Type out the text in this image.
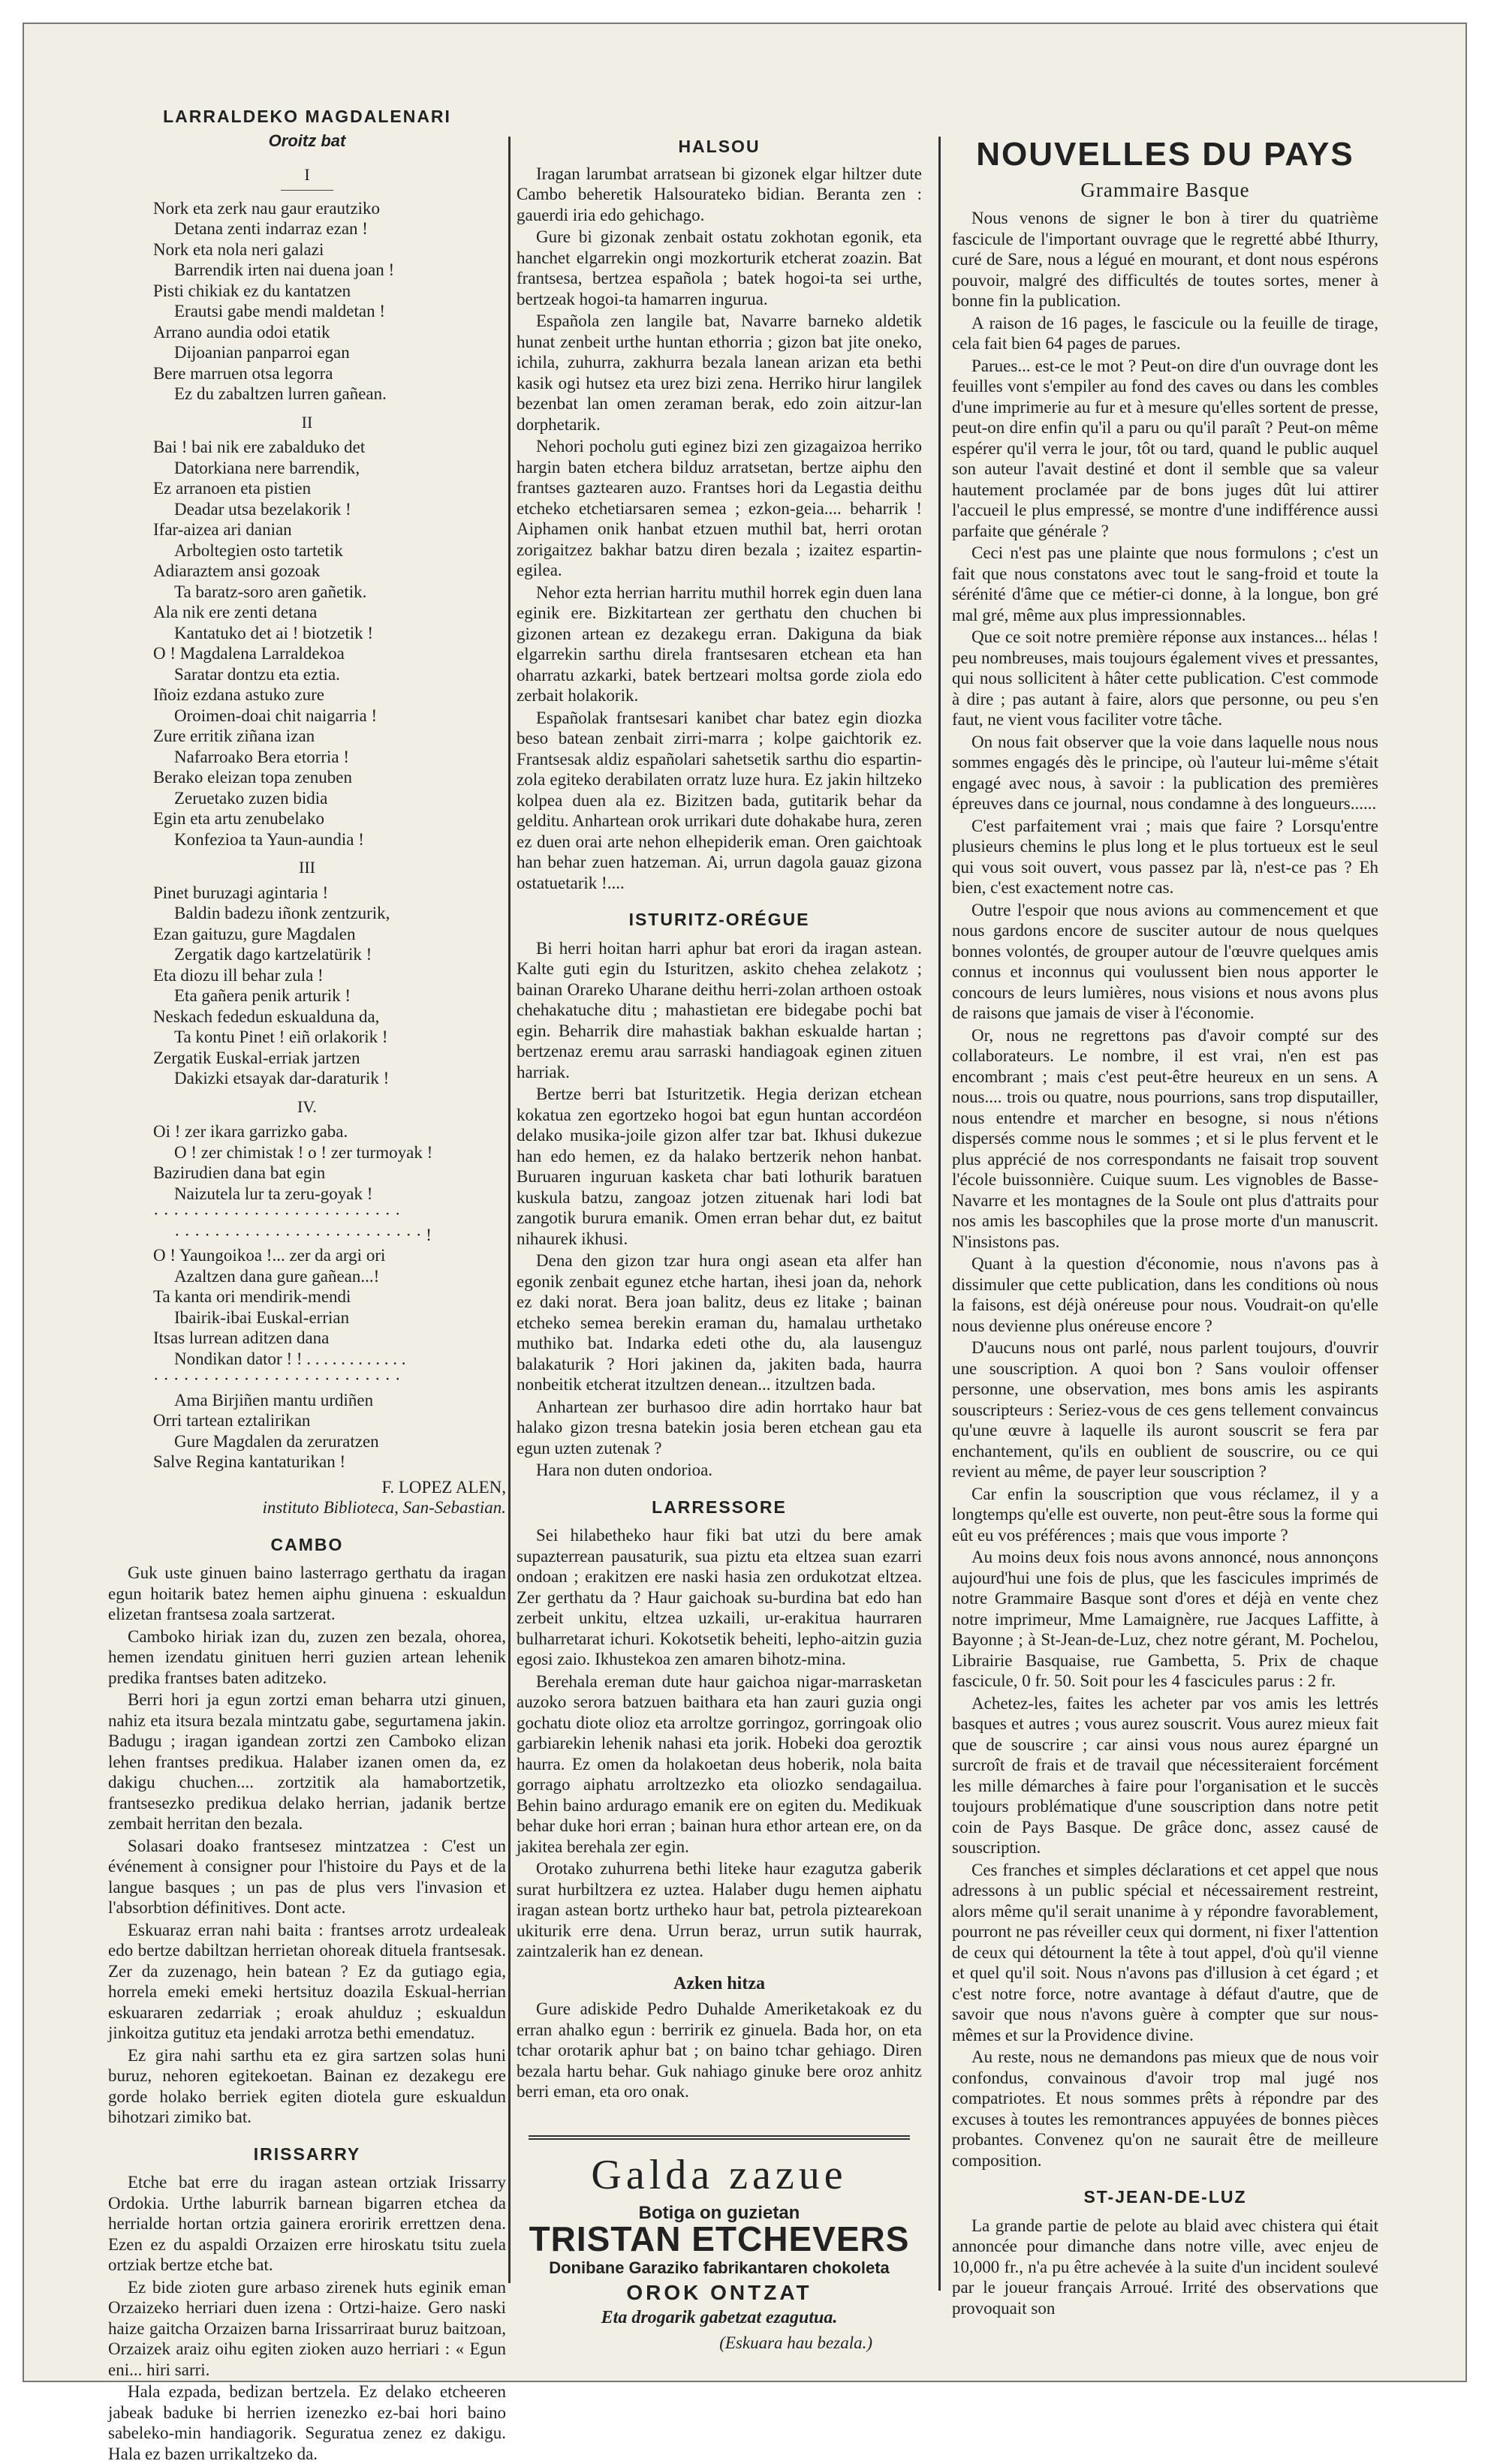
LARRALDEKO MAGDALENARI
Oroitz bat
I
Nork eta zerk nau gaur erautziko
Detana zenti indarraz ezan !
Nork eta nola neri galazi
Barrendik irten nai duena joan !
Pisti chikiak ez du kantatzen
Erautsi gabe mendi maldetan !
Arrano aundia odoi etatik
Dijoanian panparroi egan
Bere marruen otsa legorra
Ez du zabaltzen lurren gañean.
II
Bai ! bai nik ere zabalduko det
Datorkiana nere barrendik,
Ez arranoen eta pistien
Deadar utsa bezelakorik !
Ifar-aizea ari danian
Arboltegien osto tartetik
Adiaraztem ansi gozoak
Ta baratz-soro aren gañetik.
Ala nik ere zenti detana
Kantatuko det ai ! biotzetik !
O ! Magdalena Larraldekoa
Saratar dontzu eta eztia.
Iñoiz ezdana astuko zure
Oroimen-doai chit naigarria !
Zure erritik ziñana izan
Nafarroako Bera etorria !
Berako eleizan topa zenuben
Zeruetako zuzen bidia
Egin eta artu zenubelako
Konfezioa ta Yaun-aundia !
III
Pinet buruzagi agintaria !
Baldin badezu iñonk zentzurik,
Ezan gaituzu, gure Magdalen
Zergatik dago kartzelatürik !
Eta diozu ill behar zula !
Eta gañera penik arturik !
Neskach fededun eskualduna da,
Ta kontu Pinet ! eiñ orlakorik !
Zergatik Euskal-erriak jartzen
Dakizki etsayak dar-daraturik !
IV.
Oi ! zer ikara garrizko gaba.
O ! zer chimistak ! o ! zer turmoyak !
Bazirudien dana bat egin
Naizutela lur ta zeru-goyak !
· · · · · · · · · · · · · · · · · · · · · · · · ·
· · · · · · · · · · · · · · · · · · · · · · · · · !
O ! Yaungoikoa !... zer da argi ori
Azaltzen dana gure gañean...!
Ta kanta ori mendirik-mendi
Ibairik-ibai Euskal-errian
Itsas lurrean aditzen dana
Nondikan dator ! ! . . . . . . . . . . . .
· · · · · · · · · · · · · · · · · · · · · · · · ·
Ama Birjiñen mantu urdiñen
Orri tartean eztalirikan
Gure Magdalen da zeruratzen
Salve Regina kantaturikan !
F. LOPEZ ALEN,
instituto Biblioteca, San-Sebastian.
CAMBO

Guk uste ginuen baino lasterrago gerthatu da iragan egun hoitarik batez hemen aiphu ginuena : eskualdun elizetan frantsesa zoala sartzerat.

Camboko hiriak izan du, zuzen zen bezala, ohorea, hemen izendatu ginituen herri guzien artean lehenik predika frantses baten aditzeko.

Berri hori ja egun zortzi eman beharra utzi ginuen, nahiz eta itsura bezala mintzatu gabe, segurtamena jakin. Badugu ; iragan igandean zortzi zen Camboko elizan lehen frantses predikua. Halaber izanen omen da, ez dakigu chuchen.... zortzitik ala hamabortzetik, frantsesezko predikua delako herrian, jadanik bertze zembait herritan den bezala.

Solasari doako frantsesez mintzatzea : C'est un événement à consigner pour l'histoire du Pays et de la langue basques ; un pas de plus vers l'invasion et l'absorbtion définitives. Dont acte.

Eskuaraz erran nahi baita : frantses arrotz urdealeak edo bertze dabiltzan herrietan ohoreak dituela frantsesak. Zer da zuzenago, hein batean ? Ez da gutiago egia, horrela emeki emeki hertsituz doazila Eskual-herrian eskuararen zedarriak ; eroak ahulduz ; eskualdun jinkoitza gutituz eta jendaki arrotza bethi emendatuz.

Ez gira nahi sarthu eta ez gira sartzen solas huni buruz, nehoren egitekoetan. Bainan ez dezakegu ere gorde holako berriek egiten diotela gure eskualdun bihotzari zimiko bat.

IRISSARRY

Etche bat erre du iragan astean ortziak Irissarry Ordokia. Urthe laburrik barnean bigarren etchea da herrialde hortan ortzia gainera eroririk errettzen dena. Ezen ez du aspaldi Orzaizen erre hiroskatu tsitu zuela ortziak bertze etche bat.

Ez bide zioten gure arbaso zirenek huts eginik eman Orzaizeko herriari duen izena : Ortzi-haize. Gero naski haize gaitcha Orzaizen barna Irissarriraat buruz baitzoan, Orzaizek araiz oihu egiten zioken auzo herriari : « Egun eni... hiri sarri.

Hala ezpada, bedizan bertzela. Ez delako etcheeren jabeak baduke bi herrien izenezko ez-bai hori baino sabeleko-min handiagorik. Seguratua zenez ez dakigu. Hala ez bazen urrikaltzeko da.

HALSOU

Iragan larumbat arratsean bi gizonek elgar hiltzer dute Cambo beheretik Halsourateko bidian. Beranta zen : gauerdi iria edo gehichago.

Gure bi gizonak zenbait ostatu zokhotan egonik, eta hanchet elgarrekin ongi mozkorturik etcherat zoazin. Bat frantsesa, bertzea española ; batek hogoi-ta sei urthe, bertzeak hogoi-ta hamarren ingurua.

Española zen langile bat, Navarre barneko aldetik hunat zenbeit urthe huntan ethorria ; gizon bat jite oneko, ichila, zuhurra, zakhurra bezala lanean arizan eta bethi kasik ogi hutsez eta urez bizi zena. Herriko hirur langilek bezenbat lan omen zeraman berak, edo zoin aitzur-lan dorphetarik.

Nehori pocholu guti eginez bizi zen gizagaizoa herriko hargin baten etchera bilduz arratsetan, bertze aiphu den frantses gaztearen auzo. Frantses hori da Legastia deithu etcheko etchetiarsaren semea ; ezkon-geia.... beharrik ! Aiphamen onik hanbat etzuen muthil bat, herri orotan zorigaitzez bakhar batzu diren bezala ; izaitez espartin-egilea.

Nehor ezta herrian harritu muthil horrek egin duen lana eginik ere. Bizkitartean zer gerthatu den chuchen bi gizonen artean ez dezakegu erran. Dakiguna da biak elgarrekin sarthu direla frantsesaren etchean eta han oharratu azkarki, batek bertzeari moltsa gorde ziola edo zerbait holakorik.

Españolak frantsesari kanibet char batez egin diozka beso batean zenbait zirri-marra ; kolpe gaichtorik ez. Frantsesak aldiz españolari sahetsetik sarthu dio espartin-zola egiteko derabilaten orratz luze hura. Ez jakin hiltzeko kolpea duen ala ez. Bizitzen bada, gutitarik behar da gelditu. Anhartean orok urrikari dute dohakabe hura, zeren ez duen orai arte nehon elhepiderik eman. Oren gaichtoak han behar zuen hatzeman. Ai, urrun dagola gauaz gizona ostatuetarik !....

ISTURITZ-ORÉGUE

Bi herri hoitan harri aphur bat erori da iragan astean. Kalte guti egin du Isturitzen, askito chehea zelakotz ; bainan Orareko Uharane deithu herri-zolan arthoen ostoak chehakatuche ditu ; mahastietan ere bidegabe pochi bat egin. Beharrik dire mahastiak bakhan eskualde hartan ; bertzenaz eremu arau sarraski handiagoak eginen zituen harriak.

Bertze berri bat Isturitzetik. Hegia derizan etchean kokatua zen egortzeko hogoi bat egun huntan accordéon delako musika-joile gizon alfer tzar bat. Ikhusi dukezue han edo hemen, ez da halako bertzerik nehon hanbat. Buruaren inguruan kasketa char bati lothurik baratuen kuskula batzu, zangoaz jotzen zituenak hari lodi bat zangotik burura emanik. Omen erran behar dut, ez baitut nihaurek ikhusi.

Dena den gizon tzar hura ongi asean eta alfer han egonik zenbait egunez etche hartan, ihesi joan da, nehork ez daki norat. Bera joan balitz, deus ez litake ; bainan etcheko semea berekin eraman du, hamalau urthetako muthiko bat. Indarka edeti othe du, ala lausenguz balakaturik ? Hori jakinen da, jakiten bada, haurra nonbeitik etcherat itzultzen denean... itzultzen bada.

Anhartean zer burhasoo dire adin horrtako haur bat halako gizon tresna batekin josia beren etchean gau eta egun uzten zutenak ?

Hara non duten ondorioa.

LARRESSORE

Sei hilabetheko haur fiki bat utzi du bere amak supazterrean pausaturik, sua piztu eta eltzea suan ezarri ondoan ; erakitzen ere naski hasia zen ordukotzat eltzea. Zer gerthatu da ? Haur gaichoak su-burdina bat edo han zerbeit unkitu, eltzea uzkaili, ur-erakitua haurraren bulharretarat ichuri. Kokotsetik beheiti, lepho-aitzin guzia egosi zaio. Ikhustekoa zen amaren bihotz-mina.

Berehala ereman dute haur gaichoa nigar-marrasketan auzoko serora batzuen baithara eta han zauri guzia ongi gochatu diote olioz eta arroltze gorringoz, gorringoak olio garbiarekin lehenik nahasi eta jorik. Hobeki doa geroztik haurra. Ez omen da holakoetan deus hoberik, nola baita gorrago aiphatu arroltzezko eta oliozko sendagailua. Behin baino ardurago emanik ere on egiten du. Medikuak behar duke hori erran ; bainan hura ethor artean ere, on da jakitea berehala zer egin.

Orotako zuhurrena bethi liteke haur ezagutza gaberik surat hurbiltzera ez uztea. Halaber dugu hemen aiphatu iragan astean bortz urtheko haur bat, petrola piztearekoan ukiturik erre dena. Urrun beraz, urrun sutik haurrak, zaintzalerik han ez denean.

Azken hitza

Gure adiskide Pedro Duhalde Ameriketakoak ez du erran ahalko egun : berririk ez ginuela. Bada hor, on eta tchar orotarik aphur bat ; on baino tchar gehiago. Diren bezala hartu behar. Guk nahiago ginuke bere oroz anhitz berri eman, eta oro onak.

Galda zazue
Botiga on guzietan
TRISTAN ETCHEVERS
Donibane Garaziko fabrikantaren chokoleta
OROK ONTZAT
Eta drogarik gabetzat ezagutua.
(Eskuara hau bezala.)
NOUVELLES DU PAYS
Grammaire Basque

Nous venons de signer le bon à tirer du quatrième fascicule de l'important ouvrage que le regretté abbé Ithurry, curé de Sare, nous a légué en mourant, et dont nous espérons pouvoir, malgré des difficultés de toutes sortes, mener à bonne fin la publication.

A raison de 16 pages, le fascicule ou la feuille de tirage, cela fait bien 64 pages de parues.

Parues... est-ce le mot ? Peut-on dire d'un ouvrage dont les feuilles vont s'empiler au fond des caves ou dans les combles d'une imprimerie au fur et à mesure qu'elles sortent de presse, peut-on dire enfin qu'il a paru ou qu'il paraît ? Peut-on même espérer qu'il verra le jour, tôt ou tard, quand le public auquel son auteur l'avait destiné et dont il semble que sa valeur hautement proclamée par de bons juges dût lui attirer l'accueil le plus empressé, se montre d'une indifférence aussi parfaite que générale ?

Ceci n'est pas une plainte que nous formulons ; c'est un fait que nous constatons avec tout le sang-froid et toute la sérénité d'âme que ce métier-ci donne, à la longue, bon gré mal gré, même aux plus impressionnables.

Que ce soit notre première réponse aux instances... hélas ! peu nombreuses, mais toujours également vives et pressantes, qui nous sollicitent à hâter cette publication. C'est commode à dire ; pas autant à faire, alors que personne, ou peu s'en faut, ne vient vous faciliter votre tâche.

On nous fait observer que la voie dans laquelle nous nous sommes engagés dès le principe, où l'auteur lui-même s'était engagé avec nous, à savoir : la publication des premières épreuves dans ce journal, nous condamne à des longueurs......

C'est parfaitement vrai ; mais que faire ? Lorsqu'entre plusieurs chemins le plus long et le plus tortueux est le seul qui vous soit ouvert, vous passez par là, n'est-ce pas ? Eh bien, c'est exactement notre cas.

Outre l'espoir que nous avions au commencement et que nous gardons encore de susciter autour de nous quelques bonnes volontés, de grouper autour de l'œuvre quelques amis connus et inconnus qui voulussent bien nous apporter le concours de leurs lumières, nous visions et nous avons plus de raisons que jamais de viser à l'économie.

Or, nous ne regrettons pas d'avoir compté sur des collaborateurs. Le nombre, il est vrai, n'en est pas encombrant ; mais c'est peut-être heureux en un sens. A nous.... trois ou quatre, nous pourrions, sans trop disputailler, nous entendre et marcher en besogne, si nous n'étions dispersés comme nous le sommes ; et si le plus fervent et le plus apprécié de nos correspondants ne faisait trop souvent l'école buissonnière. Cuique suum. Les vignobles de Basse-Navarre et les montagnes de la Soule ont plus d'attraits pour nos amis les bascophiles que la prose morte d'un manuscrit. N'insistons pas.

Quant à la question d'économie, nous n'avons pas à dissimuler que cette publication, dans les conditions où nous la faisons, est déjà onéreuse pour nous. Voudrait-on qu'elle nous devienne plus onéreuse encore ?

D'aucuns nous ont parlé, nous parlent toujours, d'ouvrir une souscription. A quoi bon ? Sans vouloir offenser personne, une observation, mes bons amis les aspirants souscripteurs : Seriez-vous de ces gens tellement convaincus qu'une œuvre à laquelle ils auront souscrit se fera par enchantement, qu'ils en oublient de souscrire, ou ce qui revient au même, de payer leur souscription ?

Car enfin la souscription que vous réclamez, il y a longtemps qu'elle est ouverte, non peut-être sous la forme qui eût eu vos préférences ; mais que vous importe ?

Au moins deux fois nous avons annoncé, nous annonçons aujourd'hui une fois de plus, que les fascicules imprimés de notre Grammaire Basque sont d'ores et déjà en vente chez notre imprimeur, Mme Lamaignère, rue Jacques Laffitte, à Bayonne ; à St-Jean-de-Luz, chez notre gérant, M. Pochelou, Librairie Basquaise, rue Gambetta, 5. Prix de chaque fascicule, 0 fr. 50. Soit pour les 4 fascicules parus : 2 fr.

Achetez-les, faites les acheter par vos amis les lettrés basques et autres ; vous aurez souscrit. Vous aurez mieux fait que de souscrire ; car ainsi vous nous aurez épargné un surcroît de frais et de travail que nécessiteraient forcément les mille démarches à faire pour l'organisation et le succès toujours problématique d'une souscription dans notre petit coin de Pays Basque. De grâce donc, assez causé de souscription.

Ces franches et simples déclarations et cet appel que nous adressons à un public spécial et nécessairement restreint, alors même qu'il serait unanime à y répondre favorablement, pourront ne pas réveiller ceux qui dorment, ni fixer l'attention de ceux qui détournent la tête à tout appel, d'où qu'il vienne et quel qu'il soit. Nous n'avons pas d'illusion à cet égard ; et c'est notre force, notre avantage à défaut d'autre, que de savoir que nous n'avons guère à compter que sur nous-mêmes et sur la Providence divine.

Au reste, nous ne demandons pas mieux que de nous voir confondus, convainous d'avoir trop mal jugé nos compatriotes. Et nous sommes prêts à répondre par des excuses à toutes les remontrances appuyées de bonnes pièces probantes. Convenez qu'on ne saurait être de meilleure composition.

ST-JEAN-DE-LUZ

La grande partie de pelote au blaid avec chistera qui était annoncée pour dimanche dans notre ville, avec enjeu de 10,000 fr., n'a pu être achevée à la suite d'un incident soulevé par le joueur français Arroué. Irrité des observations que provoquait son
